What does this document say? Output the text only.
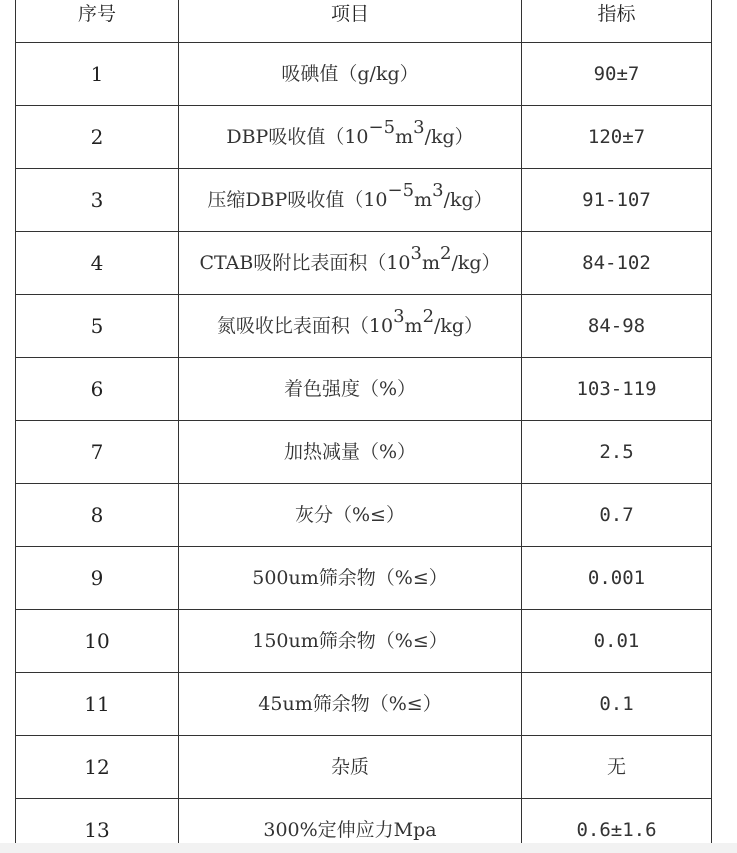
序号	项目	指标
1	吸碘值（g/kg）	90±7
2	DBP吸收值$(10^{-5}m^3/kg)$	120±7
3	压缩DBP吸收值$(10^{-5}m^3/kg)$	91-107
4	CTAB吸附比表面积$(10^3m^2/kg)$	84-102
5	氮吸收比表面积$(10^3m^2/kg)$	84-98
6	着色强度（%）	103-119
7	加热减量（%）	2.5
8	灰分（%≤）	0.7
9	500um筛余物（%≤）	0.001
10	150um筛余物（%≤）	0.01
11	45um筛余物（%≤）	0.1
12	杂质	无
13	300%定伸应力Mpa	0.6±1.6
